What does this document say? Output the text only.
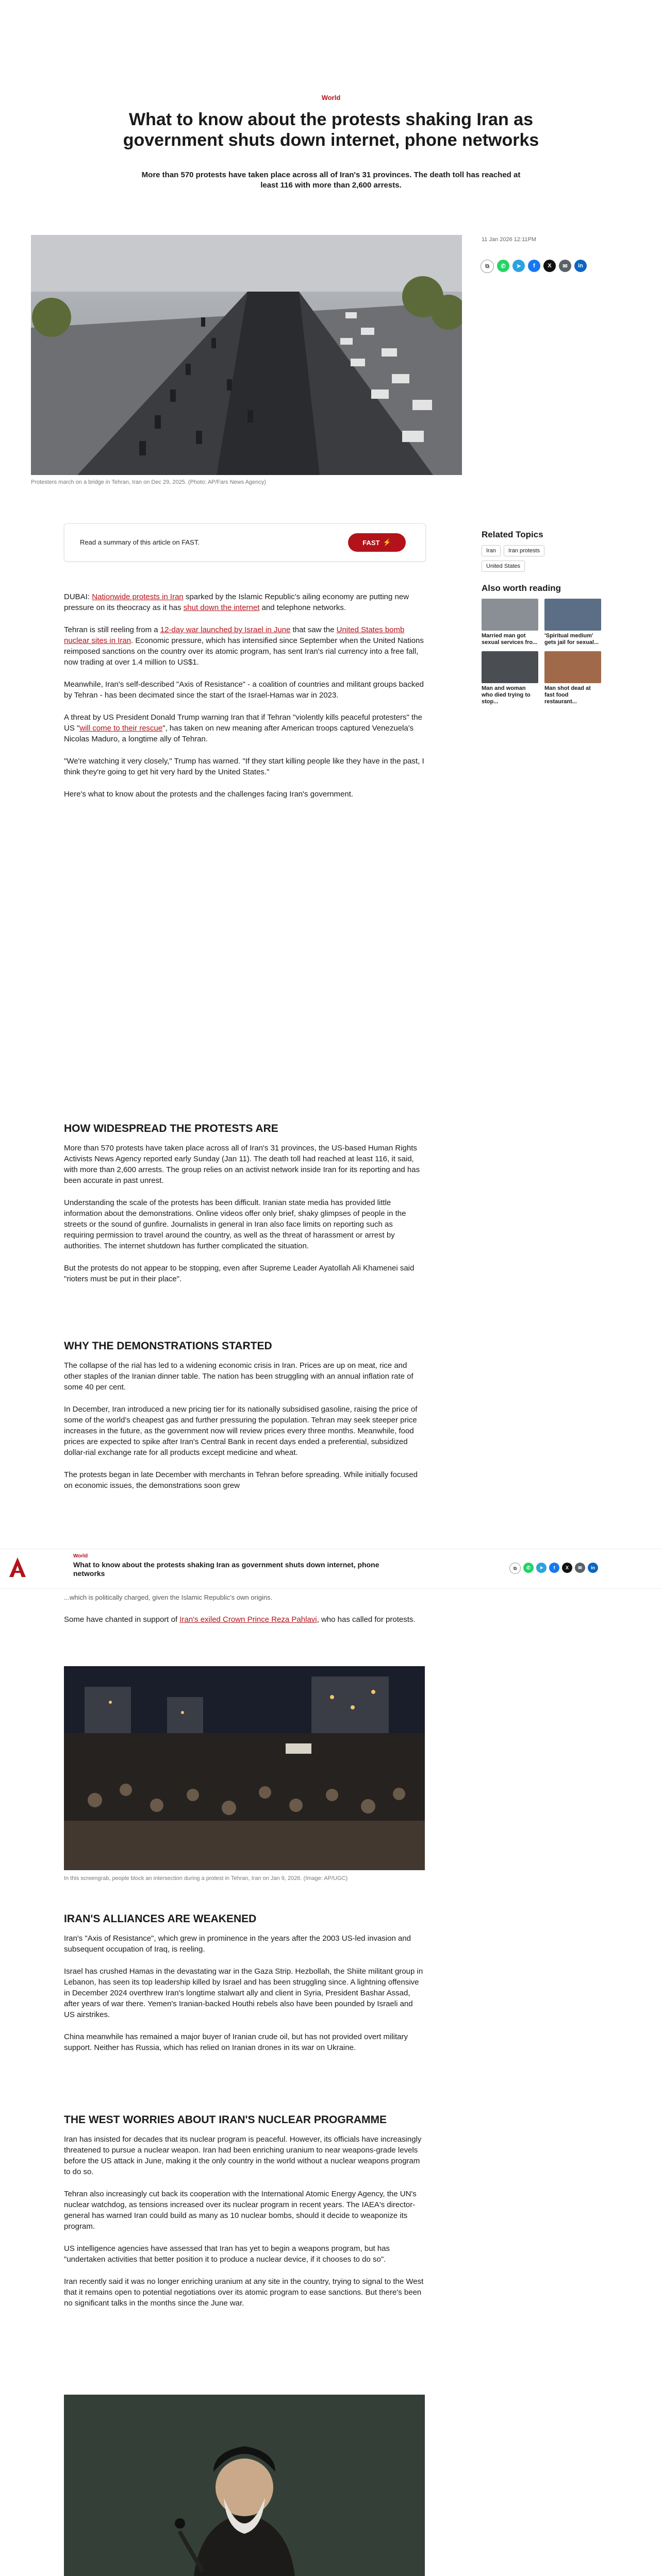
World
What to know about the protests shaking Iran as government shuts down internet, phone networks

More than 570 protests have taken place across all of Iran's 31 provinces. The death toll has reached at least 116 with more than 2,600 arrests.

Protesters march on a bridge in Tehran, Iran on Dec 29, 2025. (Photo: AP/Fars News Agency)
11 Jan 2026 12:11PM
⧉	✆	➤	f	X	✉	in
Read a summary of this article on FAST.	FAST ⚡

DUBAI: Nationwide protests in Iran sparked by the Islamic Republic's ailing economy are putting new pressure on its theocracy as it has shut down the internet and telephone networks.

Tehran is still reeling from a 12-day war launched by Israel in June that saw the United States bomb nuclear sites in Iran. Economic pressure, which has intensified since September when the United Nations reimposed sanctions on the country over its atomic program, has sent Iran's rial currency into a free fall, now trading at over 1.4 million to US$1.

Meanwhile, Iran's self-described "Axis of Resistance" - a coalition of countries and militant groups backed by Tehran - has been decimated since the start of the Israel-Hamas war in 2023.

A threat by US President Donald Trump warning Iran that if Tehran "violently kills peaceful protesters" the US "will come to their rescue", has taken on new meaning after American troops captured Venezuela's Nicolas Maduro, a longtime ally of Tehran.

"We're watching it very closely," Trump has warned. "If they start killing people like they have in the past, I think they're going to get hit very hard by the United States."

Here's what to know about the protests and the challenges facing Iran's government.

Related Topics
Iran Iran protests
United States
Also worth reading
Married man got sexual services fro...
'Spiritual medium' gets jail for sexual...
Man and woman who died trying to stop...
Man shot dead at fast food restaurant...
HOW WIDESPREAD THE PROTESTS ARE

More than 570 protests have taken place across all of Iran's 31 provinces, the US-based Human Rights Activists News Agency reported early Sunday (Jan 11). The death toll had reached at least 116, it said, with more than 2,600 arrests. The group relies on an activist network inside Iran for its reporting and has been accurate in past unrest.

Understanding the scale of the protests has been difficult. Iranian state media has provided little information about the demonstrations. Online videos offer only brief, shaky glimpses of people in the streets or the sound of gunfire. Journalists in general in Iran also face limits on reporting such as requiring permission to travel around the country, as well as the threat of harassment or arrest by authorities. The internet shutdown has further complicated the situation.

But the protests do not appear to be stopping, even after Supreme Leader Ayatollah Ali Khamenei said "rioters must be put in their place".

WHY THE DEMONSTRATIONS STARTED

The collapse of the rial has led to a widening economic crisis in Iran. Prices are up on meat, rice and other staples of the Iranian dinner table. The nation has been struggling with an annual inflation rate of some 40 per cent.

In December, Iran introduced a new pricing tier for its nationally subsidised gasoline, raising the price of some of the world's cheapest gas and further pressuring the population. Tehran may seek steeper price increases in the future, as the government now will review prices every three months. Meanwhile, food prices are expected to spike after Iran's Central Bank in recent days ended a preferential, subsidized dollar-rial exchange rate for all products except medicine and wheat.

The protests began in late December with merchants in Tehran before spreading. While initially focused on economic issues, the demonstrations soon grew

World
What to know about the protests shaking Iran as government shuts down internet, phone networks
⧉	✆	➤	f	X	✉	in

...which is politically charged, given the Islamic Republic's own origins.

Some have chanted in support of Iran's exiled Crown Prince Reza Pahlavi, who has called for protests.

In this screengrab, people block an intersection during a protest in Tehran, Iran on Jan 9, 2026. (Image: AP/UGC)
IRAN'S ALLIANCES ARE WEAKENED

Iran's "Axis of Resistance", which grew in prominence in the years after the 2003 US-led invasion and subsequent occupation of Iraq, is reeling.

Israel has crushed Hamas in the devastating war in the Gaza Strip. Hezbollah, the Shiite militant group in Lebanon, has seen its top leadership killed by Israel and has been struggling since. A lightning offensive in December 2024 overthrew Iran's longtime stalwart ally and client in Syria, President Bashar Assad, after years of war there. Yemen's Iranian-backed Houthi rebels also have been pounded by Israeli and US airstrikes.

China meanwhile has remained a major buyer of Iranian crude oil, but has not provided overt military support. Neither has Russia, which has relied on Iranian drones in its war on Ukraine.

THE WEST WORRIES ABOUT IRAN'S NUCLEAR PROGRAMME

Iran has insisted for decades that its nuclear program is peaceful. However, its officials have increasingly threatened to pursue a nuclear weapon. Iran had been enriching uranium to near weapons-grade levels before the US attack in June, making it the only country in the world without a nuclear weapons program to do so.

Tehran also increasingly cut back its cooperation with the International Atomic Energy Agency, the UN's nuclear watchdog, as tensions increased over its nuclear program in recent years. The IAEA's director-general has warned Iran could build as many as 10 nuclear bombs, should it decide to weaponize its program.

US intelligence agencies have assessed that Iran has yet to begin a weapons program, but has "undertaken activities that better position it to produce a nuclear device, if it chooses to do so".

Iran recently said it was no longer enriching uranium at any site in the country, trying to signal to the West that it remains open to potential negotiations over its atomic program to ease sanctions. But there's been no significant talks in the months since the June war.
